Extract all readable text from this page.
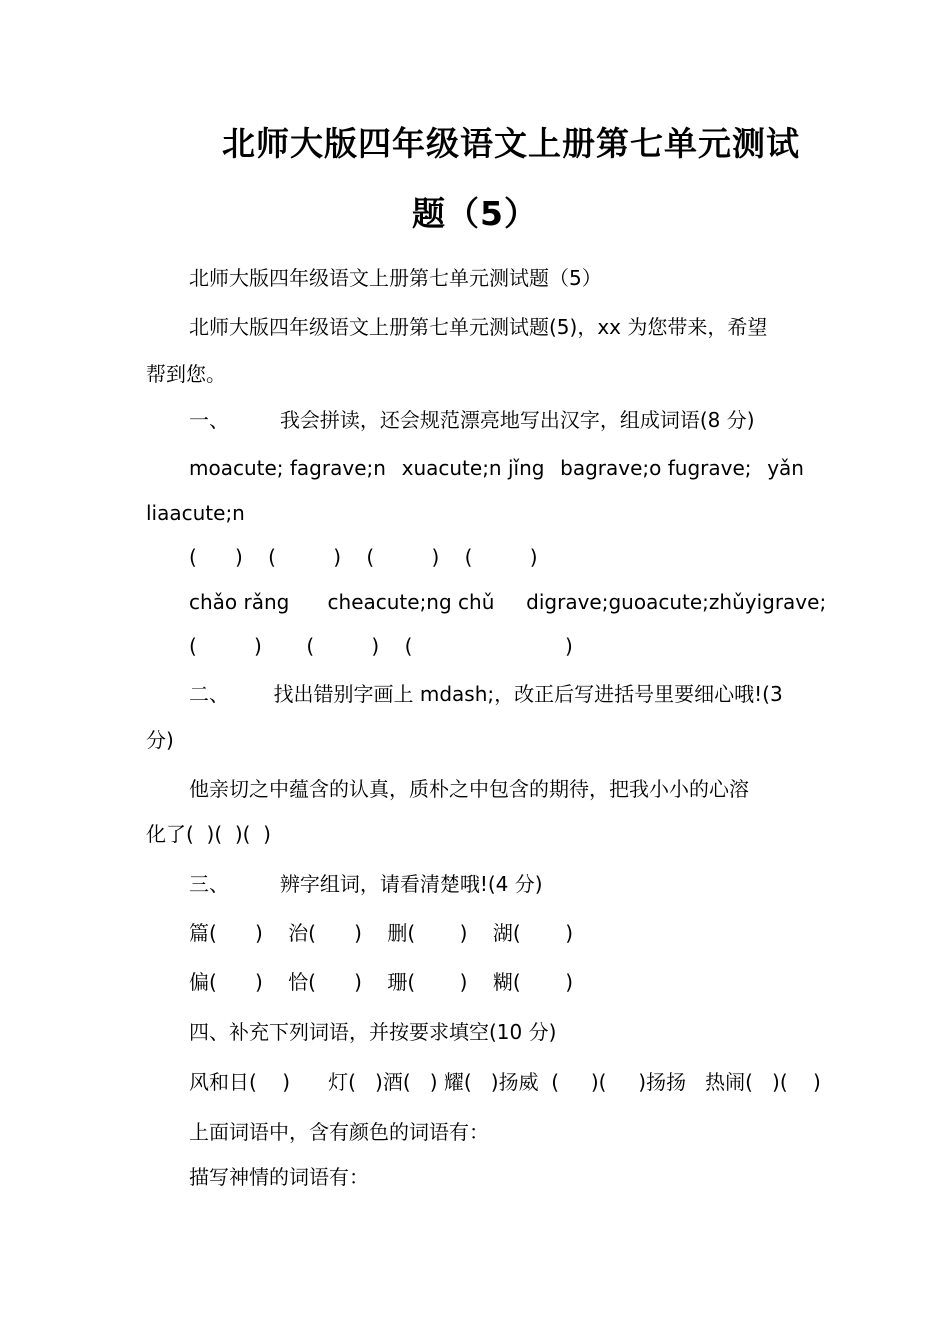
北师大版四年级语文上册第七单元测试
题（5）
北师大版四年级语文上册第七单元测试题（5）
北师大版四年级语文上册第七单元测试题(5)，xx 为您带来，希望
帮到您。
一、        我会拼读，还会规范漂亮地写出汉字，组成词语(8 分)
moacute; fagrave;n xuacute;n jǐng bagrave;o fugrave; yǎn
liaacute;n
(      )    (         )    (         )    (         )
chǎo rǎng      cheacute;ng chǔ     digrave;guoacute;zhǔyigrave;
(         )       (         )    (                        )
二、       找出错别字画上 mdash;，改正后写进括号里要细心哦!(3
分)
他亲切之中蕴含的认真，质朴之中包含的期待，把我小小的心溶
化了(  )(  )(  )
三、        辨字组词，请看清楚哦!(4 分)
篇(      )    治(      )    删(       )    湖(       )
偏(      )    恰(      )    珊(       )    糊(       )
四、补充下列词语，并按要求填空(10 分)
风和日(    )      灯(   )酒(   ) 耀(   )扬威  (     )(     )扬扬   热闹(   )(    )
上面词语中，含有颜色的词语有：
描写神情的词语有：
